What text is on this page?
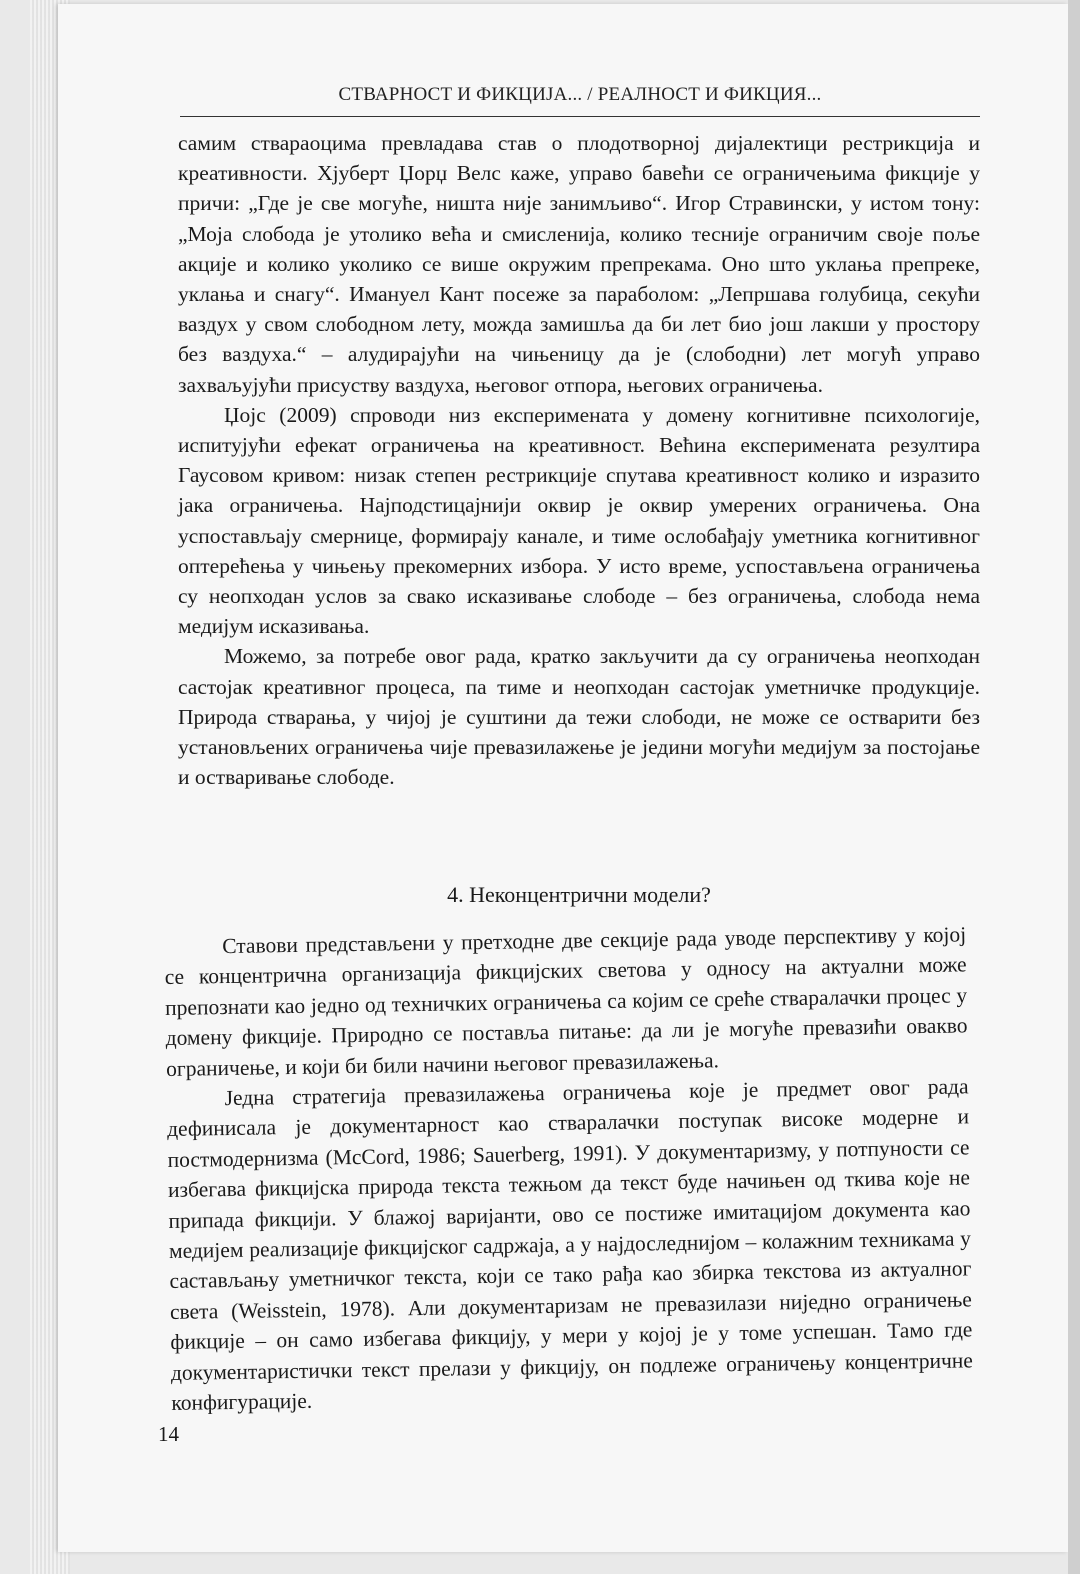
СТВАРНОСТ И ФИКЦИЈА... / РЕАЛНОСТ И ФИКЦИЯ...

самим ствараоцима превладава став о плодотворној дијалектици рестрикција и креативности. Хјуберт Џорџ Велс каже, управо бавећи се ограничењима фикције у причи: „Где је све могуће, ништа није занимљиво“. Игор Стравински, у истом тону: „Моја слобода је утолико већа и смисленија, колико тесније ограничим своје поље акције и колико уколико се више окружим препрекама. Оно што уклања препреке, уклања и снагу“. Имануел Кант посеже за параболом: „Лепршава голубица, секући ваздух у свом слободном лету, можда замишља да би лет био још лакши у простору без ваздуха.“ – алудирајући на чињеницу да је (слободни) лет могућ управо захваљујући присуству ваздуха, његовог отпора, његових ограничења.

Џојс (2009) спроводи низ експеримената у домену когнитивне психологије, испитујући ефекат ограничења на креативност. Већина експеримената резултира Гаусовом кривом: низак степен рестрикције спутава креативност колико и изразито јака ограничења. Најподстицајнији оквир је оквир умерених ограничења. Она успостављају смернице, формирају канале, и тиме ослобађају уметника когнитивног оптерећења у чињењу прекомерних избора. У исто време, успостављена ограничења су неопходан услов за свако исказивање слободе – без ограничења, слобода нема медијум исказивања.

Можемо, за потребе овог рада, кратко закључити да су ограничења неопходан састојак креативног процеса, па тиме и неопходан састојак уметничке продукције. Природа стварања, у чијој је суштини да тежи слободи, не може се остварити без установљених ограничења чије превазилажење је једини могући медијум за постојање и остваривање слободе.

4. Неконцентрични модели?

Ставови представљени у претходне две секције рада уводе перспективу у којој се концентрична организација фикцијских светова у односу на актуални може препознати као једно од техничких ограничења са којим се среће стваралачки процес у домену фикције. Природно се поставља питање: да ли је могуће превазићи овакво ограничење, и који би били начини његовог превазилажења.

Једна стратегија превазилажења ограничења које је предмет овог рада дефинисала је документарност као стваралачки поступак високе модерне и постмодернизма (McCord, 1986; Sauerberg, 1991). У документаризму, у потпуности се избегава фикцијска природа текста тежњом да текст буде начињен од ткива које не припада фикцији. У блажој варијанти, ово се постиже имитацијом документа као медијем реализације фикцијског садржаја, а у најдоследнијом – колажним техникама у састављању уметничког текста, који се тако рађа као збирка текстова из актуалног света (Weisstein, 1978). Али документаризам не превазилази ниједно ограничење фикције – он само избегава фикцију, у мери у којој је у томе успешан. Тамо где документаристички текст прелази у фикцију, он подлеже ограничењу концентричне конфигурације.

14
